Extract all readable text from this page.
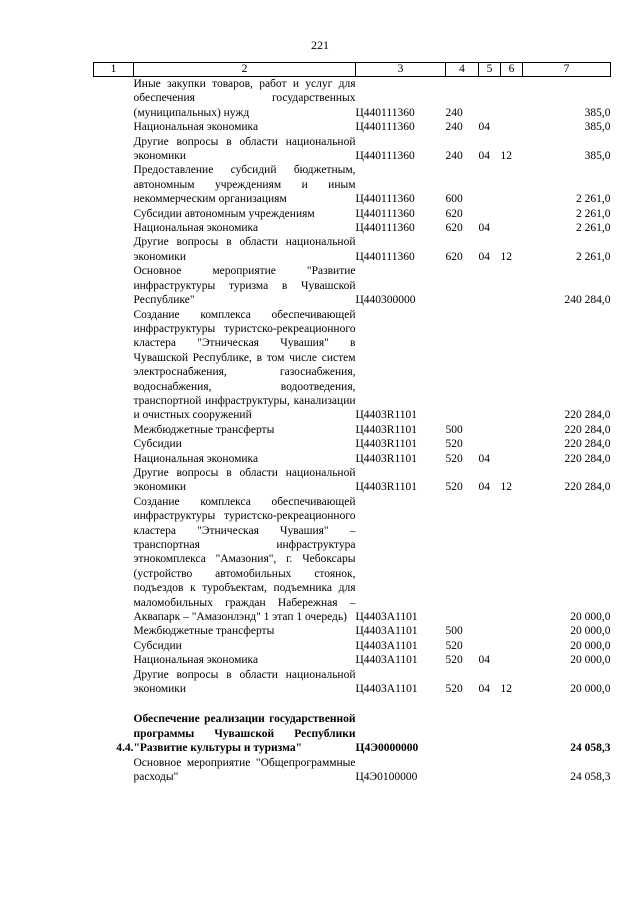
221
1	2	3	4	5	6	7
	Иные закупки товаров, работ и услуг для обеспечения государственных (муниципальных) нужд	Ц440111360	240			385,0
	Национальная экономика	Ц440111360	240	04		385,0
	Другие вопросы в области национальной экономики	Ц440111360	240	04	12	385,0
	Предоставление субсидий бюджетным, автономным учреждениям и иным некоммерческим организациям	Ц440111360	600			2 261,0
	Субсидии автономным учреждениям	Ц440111360	620			2 261,0
	Национальная экономика	Ц440111360	620	04		2 261,0
	Другие вопросы в области национальной экономики	Ц440111360	620	04	12	2 261,0
	Основное мероприятие "Развитие инфраструктуры туризма в Чувашской Республике"	Ц440300000				240 284,0
	Создание комплекса обеспечивающей инфраструктуры туристско-рекреационного кластера "Этническая Чувашия" в Чувашской Республике, в том числе систем электроснабжения, газоснабжения, водоснабжения, водоотведения, транспортной инфраструктуры, канализации и очистных сооружений	Ц4403R1101				220 284,0
	Межбюджетные трансферты	Ц4403R1101	500			220 284,0
	Субсидии	Ц4403R1101	520			220 284,0
	Национальная экономика	Ц4403R1101	520	04		220 284,0
	Другие вопросы в области национальной экономики	Ц4403R1101	520	04	12	220 284,0
	Создание комплекса обеспечивающей инфраструктуры туристско-рекреационного кластера "Этническая Чувашия" – транспортная инфраструктура этнокомплекса "Амазония", г. Чебоксары (устройство автомобильных стоянок, подъездов к туробъектам, подъемника для маломобильных граждан Набережная – Аквапарк – "Амазонлэнд" 1 этап 1 очередь)	Ц4403A1101				20 000,0
	Межбюджетные трансферты	Ц4403A1101	500			20 000,0
	Субсидии	Ц4403A1101	520			20 000,0
	Национальная экономика	Ц4403A1101	520	04		20 000,0
	Другие вопросы в области национальной экономики	Ц4403A1101	520	04	12	20 000,0

4.4.	Обеспечение реализации государственной программы Чувашской Республики "Развитие культуры и туризма"	Ц4Э0000000				24 058,3
	Основное мероприятие "Общепрограммные расходы"	Ц4Э0100000				24 058,3
